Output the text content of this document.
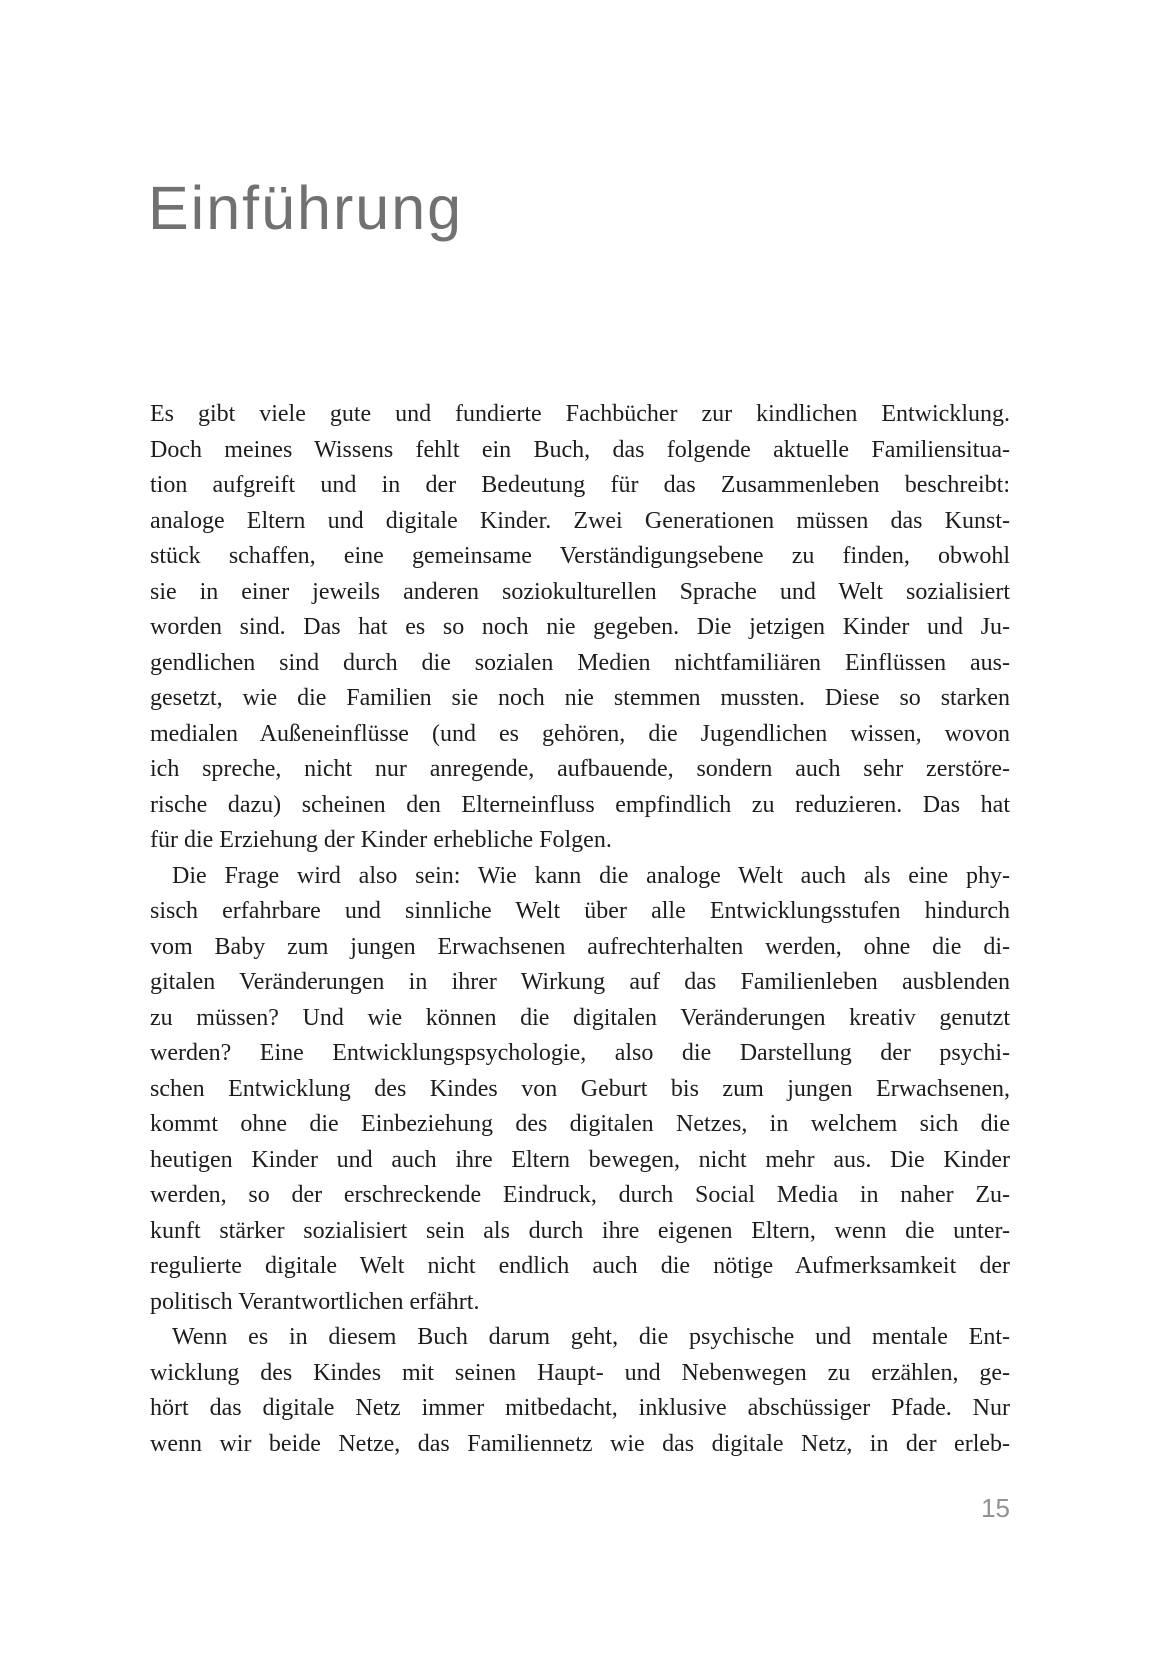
Einführung
Es gibt viele gute und fundierte Fachbücher zur kindlichen Entwicklung.
Doch meines Wissens fehlt ein Buch, das folgende aktuelle Familiensitua-
tion aufgreift und in der Bedeutung für das Zusammenleben beschreibt:
analoge Eltern und digitale Kinder. Zwei Generationen müssen das Kunst-
stück schaffen, eine gemeinsame Verständigungsebene zu finden, obwohl
sie in einer jeweils anderen soziokulturellen Sprache und Welt sozialisiert
worden sind. Das hat es so noch nie gegeben. Die jetzigen Kinder und Ju-
gendlichen sind durch die sozialen Medien nichtfamiliären Einflüssen aus-
gesetzt, wie die Familien sie noch nie stemmen mussten. Diese so starken
medialen Außeneinflüsse (und es gehören, die Jugendlichen wissen, wovon
ich spreche, nicht nur anregende, aufbauende, sondern auch sehr zerstöre-
rische dazu) scheinen den Elterneinfluss empfindlich zu reduzieren. Das hat
für die Erziehung der Kinder erhebliche Folgen.
Die Frage wird also sein: Wie kann die analoge Welt auch als eine phy-
sisch erfahrbare und sinnliche Welt über alle Entwicklungsstufen hindurch
vom Baby zum jungen Erwachsenen aufrechterhalten werden, ohne die di-
gitalen Veränderungen in ihrer Wirkung auf das Familienleben ausblenden
zu müssen? Und wie können die digitalen Veränderungen kreativ genutzt
werden? Eine Entwicklungspsychologie, also die Darstellung der psychi-
schen Entwicklung des Kindes von Geburt bis zum jungen Erwachsenen,
kommt ohne die Einbeziehung des digitalen Netzes, in welchem sich die
heutigen Kinder und auch ihre Eltern bewegen, nicht mehr aus. Die Kinder
werden, so der erschreckende Eindruck, durch Social Media in naher Zu-
kunft stärker sozialisiert sein als durch ihre eigenen Eltern, wenn die unter-
regulierte digitale Welt nicht endlich auch die nötige Aufmerksamkeit der
politisch Verantwortlichen erfährt.
Wenn es in diesem Buch darum geht, die psychische und mentale Ent-
wicklung des Kindes mit seinen Haupt- und Nebenwegen zu erzählen, ge-
hört das digitale Netz immer mitbedacht, inklusive abschüssiger Pfade. Nur
wenn wir beide Netze, das Familiennetz wie das digitale Netz, in der erleb-
15
